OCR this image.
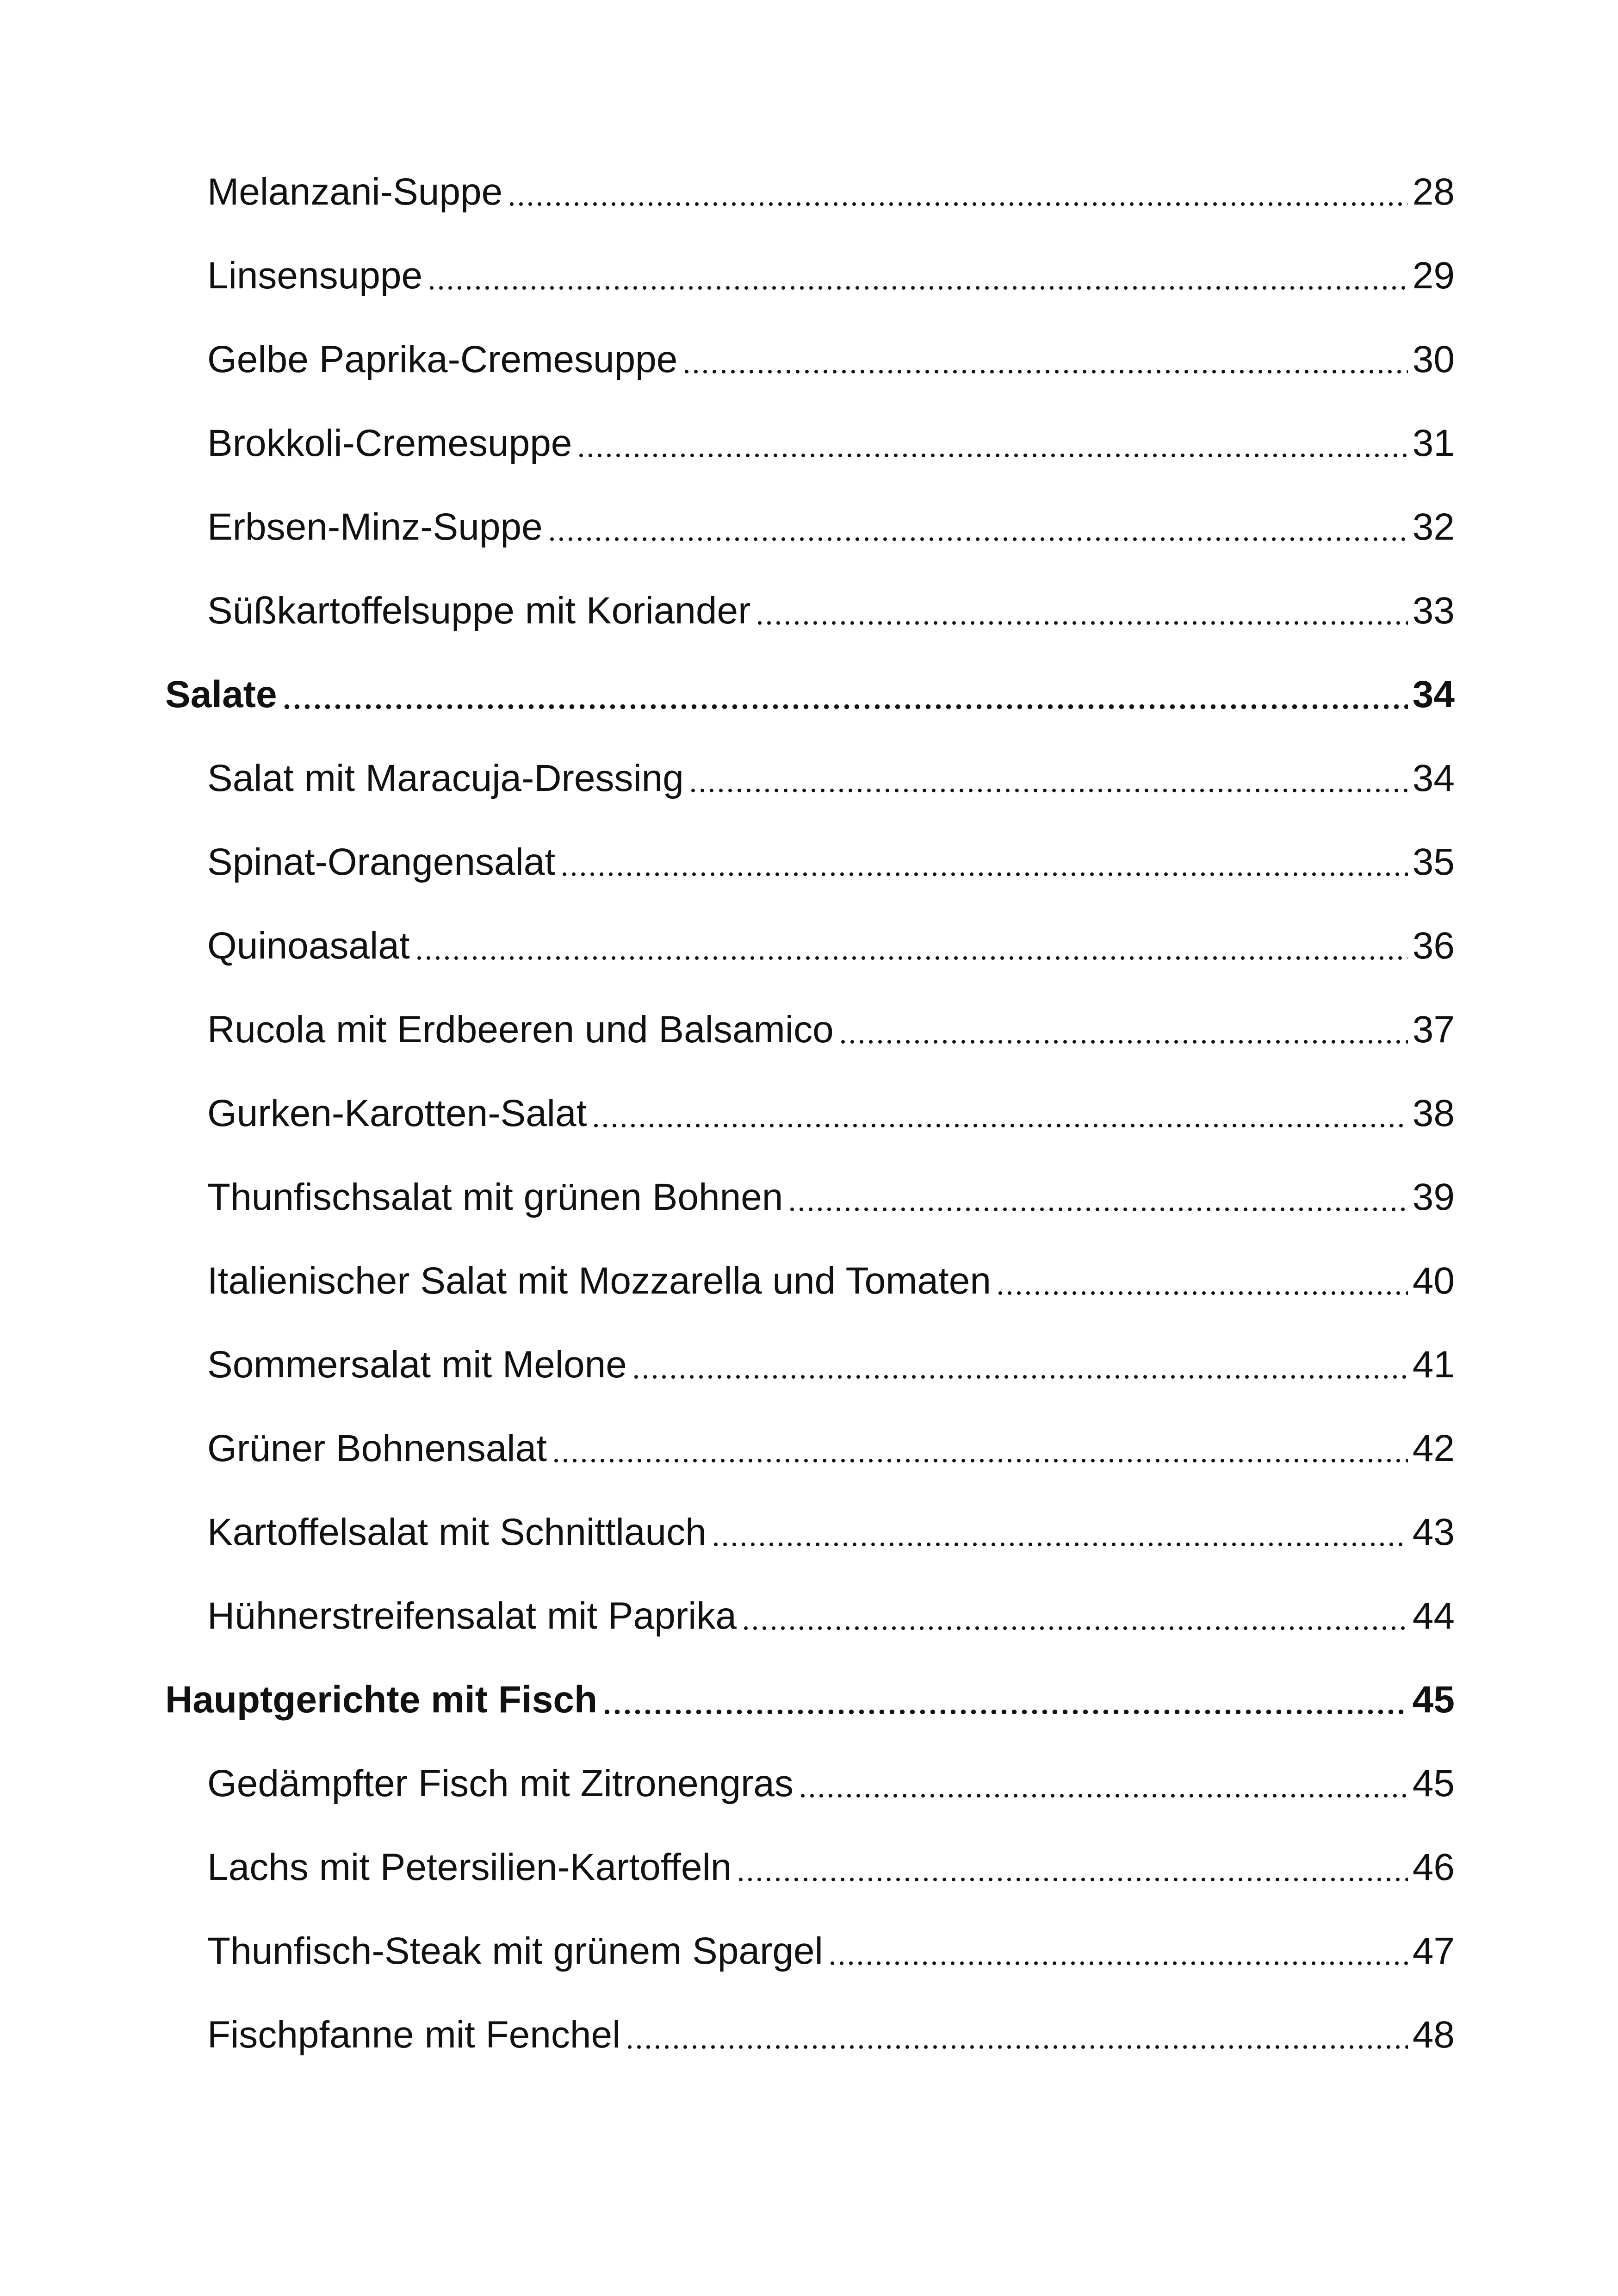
Melanzani-Suppe	28
Linsensuppe	29
Gelbe Paprika-Cremesuppe	30
Brokkoli-Cremesuppe	31
Erbsen-Minz-Suppe	32
Süßkartoffelsuppe mit Koriander	33
Salate	34
Salat mit Maracuja-Dressing	34
Spinat-Orangensalat	35
Quinoasalat	36
Rucola mit Erdbeeren und Balsamico	37
Gurken-Karotten-Salat	38
Thunfischsalat mit grünen Bohnen	39
Italienischer Salat mit Mozzarella und Tomaten	40
Sommersalat mit Melone	41
Grüner Bohnensalat	42
Kartoffelsalat mit Schnittlauch	43
Hühnerstreifensalat mit Paprika	44
Hauptgerichte mit Fisch	45
Gedämpfter Fisch mit Zitronengras	45
Lachs mit Petersilien-Kartoffeln	46
Thunfisch-Steak mit grünem Spargel	47
Fischpfanne mit Fenchel	48
